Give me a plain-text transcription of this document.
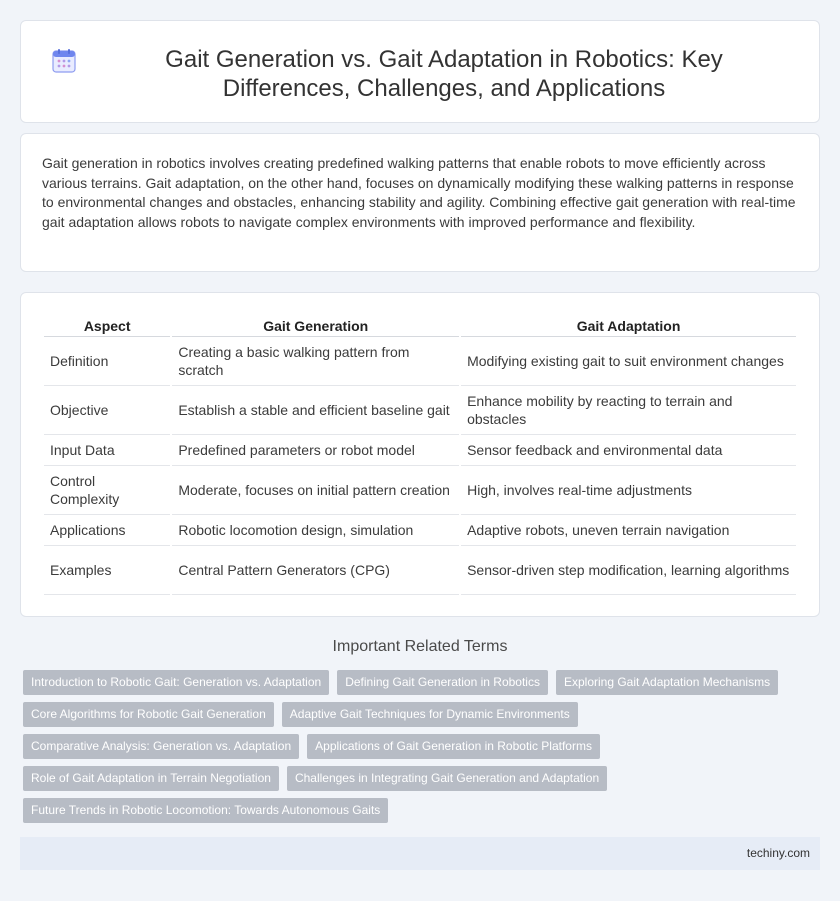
Gait Generation vs. Gait Adaptation in Robotics: Key Differences, Challenges, and Applications

Gait generation in robotics involves creating predefined walking patterns that enable robots to move efficiently across various terrains. Gait adaptation, on the other hand, focuses on dynamically modifying these walking patterns in response to environmental changes and obstacles, enhancing stability and agility. Combining effective gait generation with real-time gait adaptation allows robots to navigate complex environments with improved performance and flexibility.

Aspect	Gait Generation	Gait Adaptation
Definition	Creating a basic walking pattern from scratch	Modifying existing gait to suit environment changes
Objective	Establish a stable and efficient baseline gait	Enhance mobility by reacting to terrain and obstacles
Input Data	Predefined parameters or robot model	Sensor feedback and environmental data
Control Complexity	Moderate, focuses on initial pattern creation	High, involves real-time adjustments
Applications	Robotic locomotion design, simulation	Adaptive robots, uneven terrain navigation
Examples	Central Pattern Generators (CPG)	Sensor-driven step modification, learning algorithms
Important Related Terms
Introduction to Robotic Gait: Generation vs. Adaptation	Defining Gait Generation in Robotics	Exploring Gait Adaptation Mechanisms
Core Algorithms for Robotic Gait Generation	Adaptive Gait Techniques for Dynamic Environments
Comparative Analysis: Generation vs. Adaptation	Applications of Gait Generation in Robotic Platforms
Role of Gait Adaptation in Terrain Negotiation	Challenges in Integrating Gait Generation and Adaptation
Future Trends in Robotic Locomotion: Towards Autonomous Gaits
techiny.com
